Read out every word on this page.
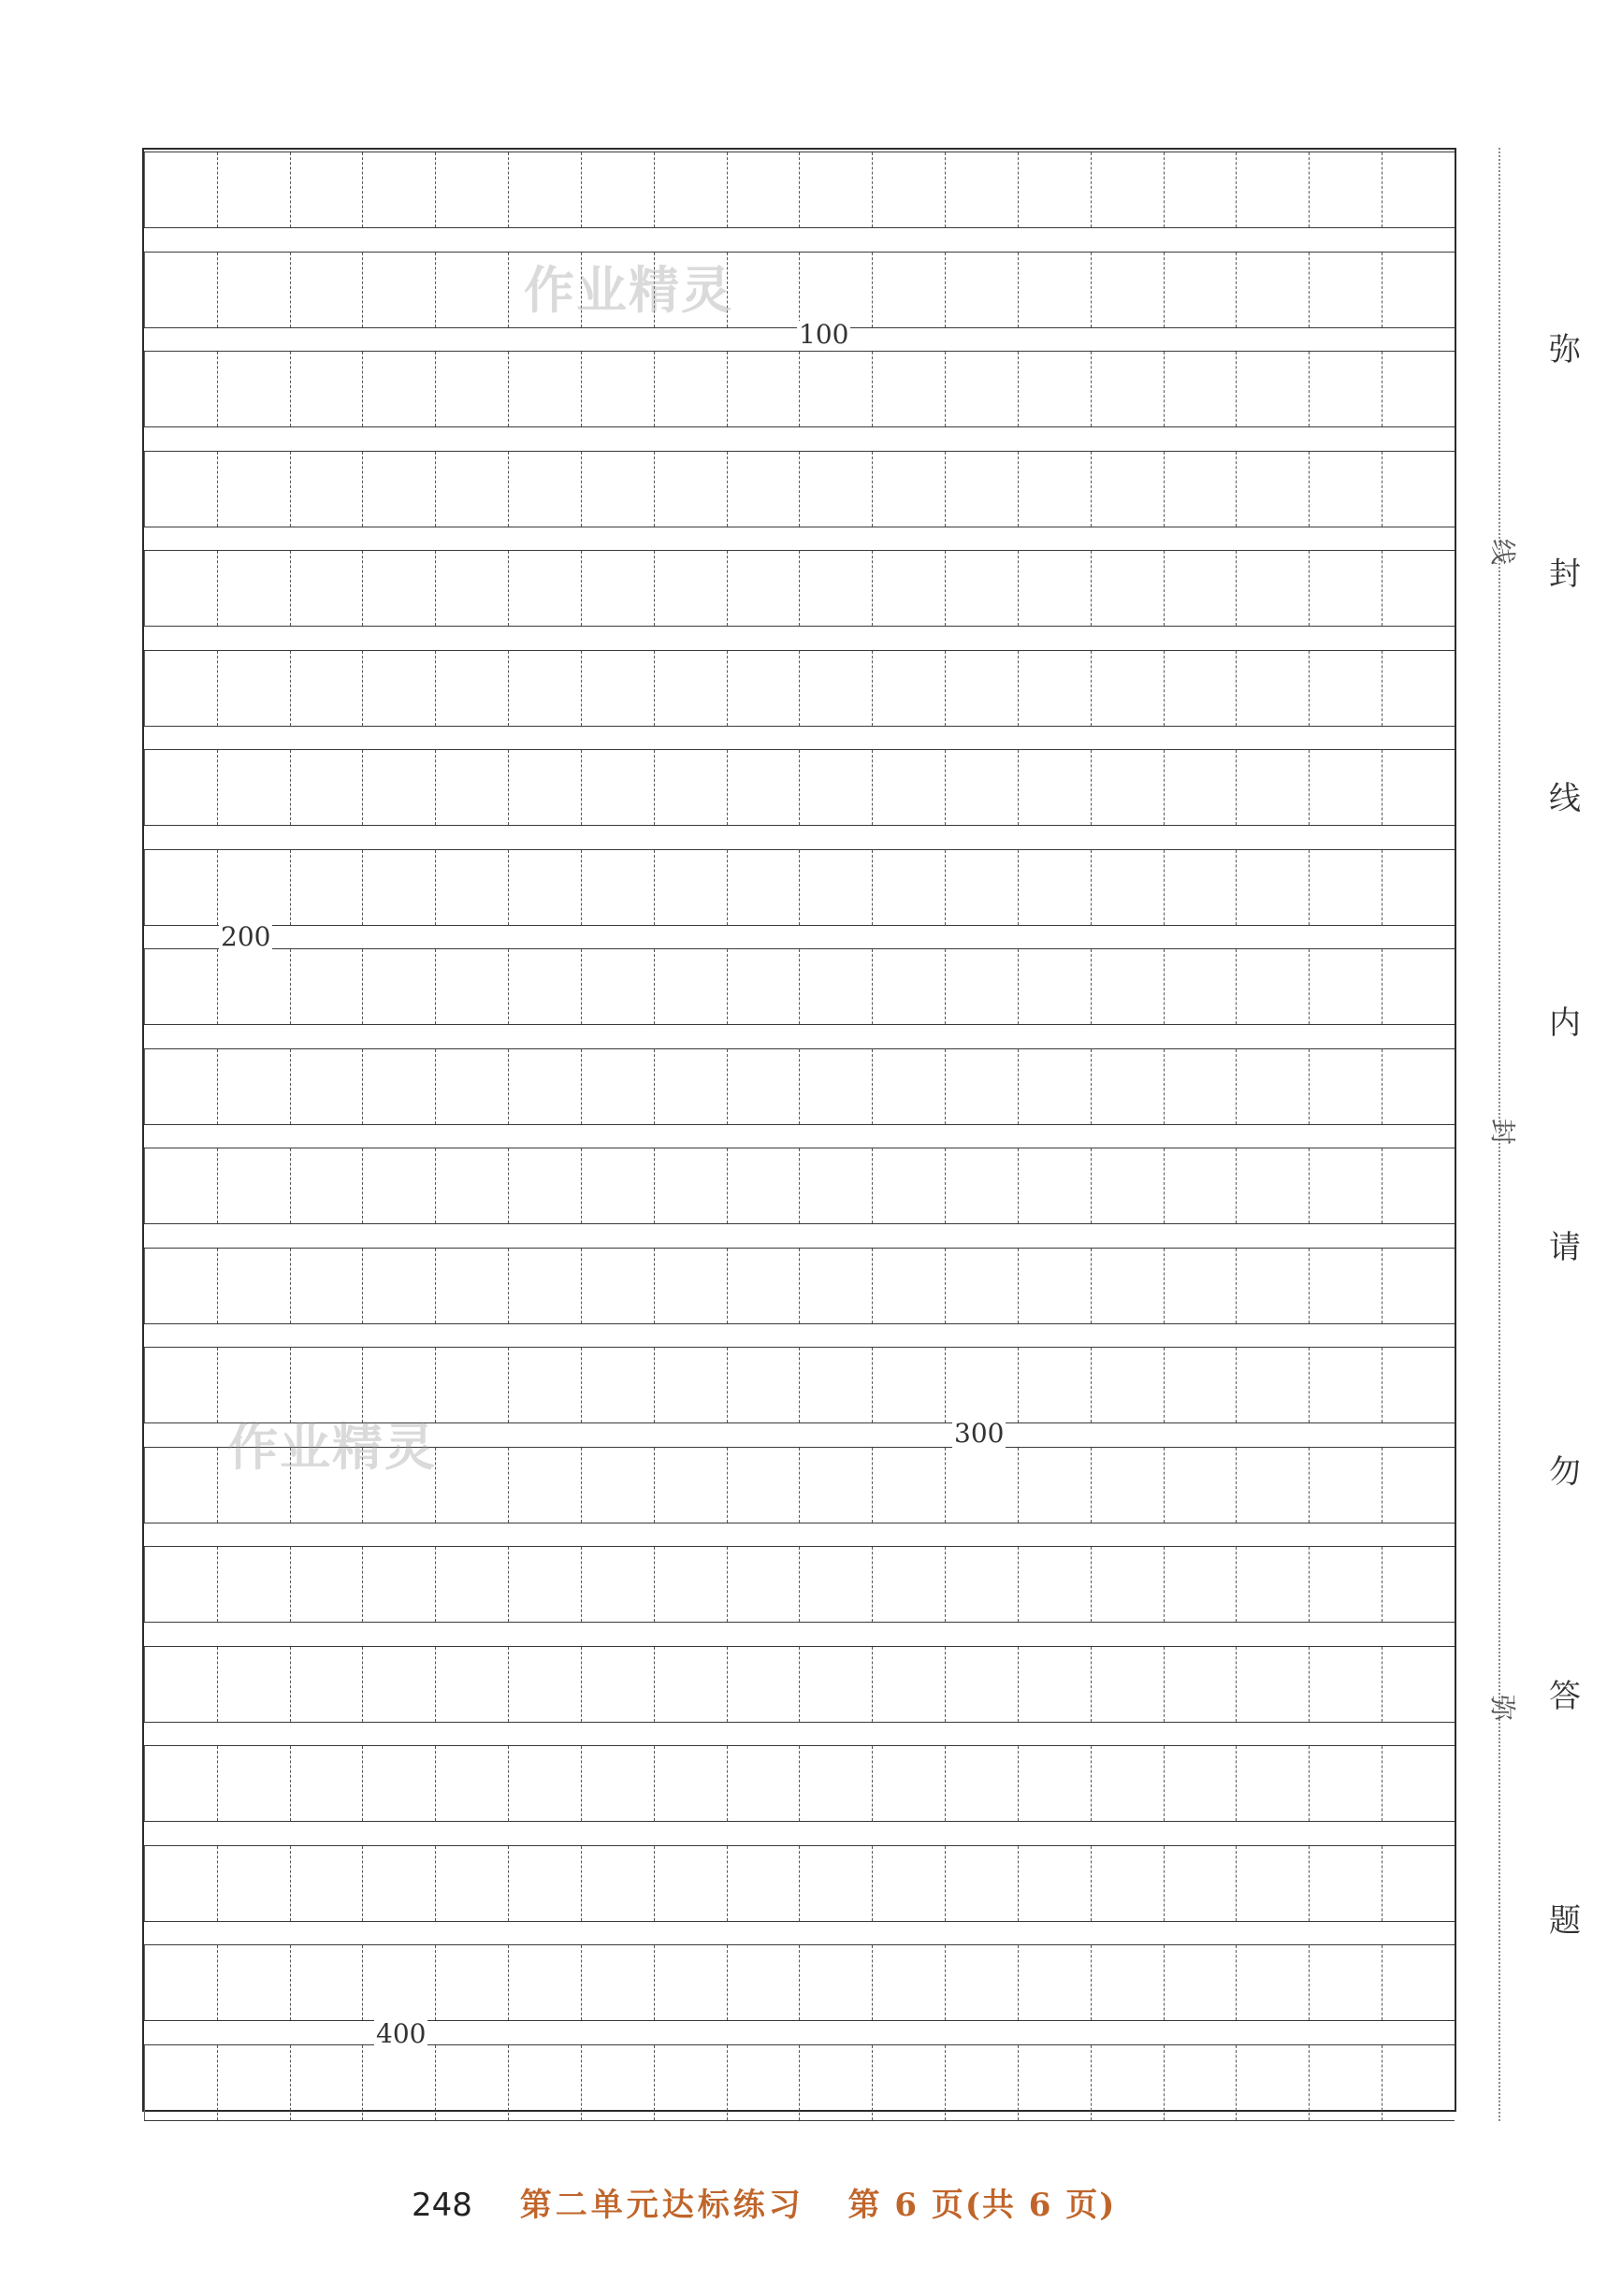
100
200
300
400
作业精灵
作业精灵
线
封
弥
弥
封
线
内
请
勿
答
题
248 第二单元达标练习 第 6 页(共 6 页)
